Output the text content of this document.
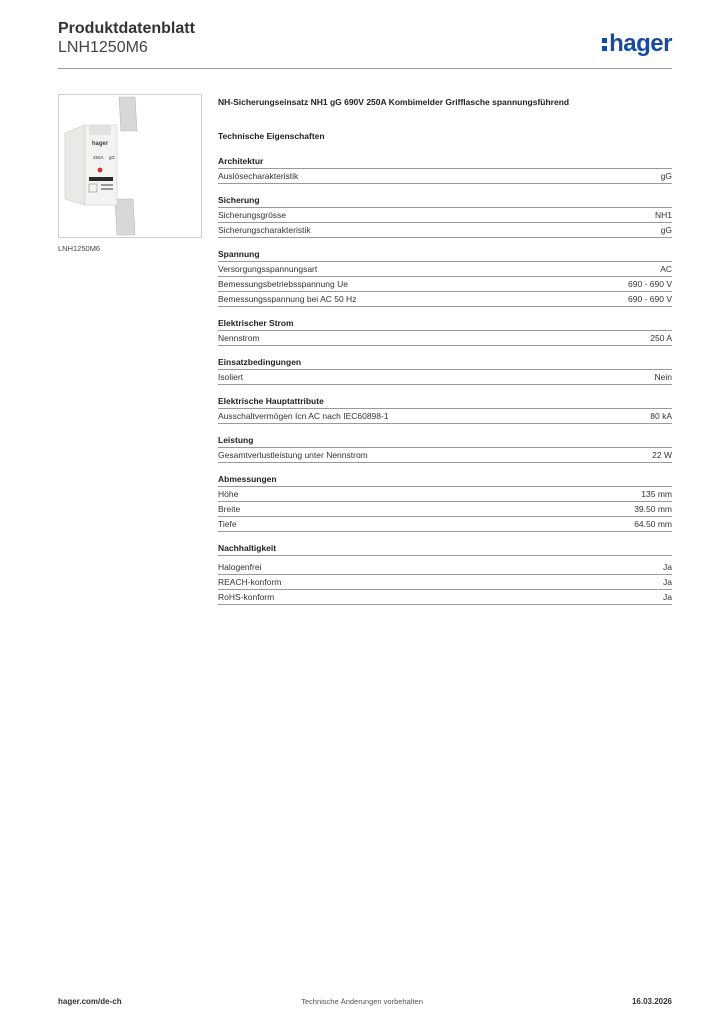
Produktdatenblatt
LNH1250M6	hager
hager
250A gG
LNH1250M6
NH-Sicherungseinsatz NH1 gG 690V 250A Kombimelder Grifflasche spannungsführend
Technische Eigenschaften
Architektur
Auslösecharakteristik	gG
Sicherung
Sicherungsgrösse	NH1
Sicherungscharakteristik	gG
Spannung
Versorgungsspannungsart	AC
Bemessungsbetriebsspannung Ue	690 - 690 V
Bemessungsspannung bei AC 50 Hz	690 - 690 V
Elektrischer Strom
Nennstrom	250 A
Einsatzbedingungen
Isoliert	Nein
Elektrische Hauptattribute
Ausschaltvermögen Icn AC nach IEC60898-1	80 kA
Leistung
Gesamtverlustleistung unter Nennstrom	22 W
Abmessungen
Höhe	135 mm
Breite	39.50 mm
Tiefe	64.50 mm
Nachhaltigkeit
Halogenfrei	Ja
REACH-konform	Ja
RoHS-konform	Ja
hager.com/de-ch	Technische Änderungen vorbehalten	16.03.2026
